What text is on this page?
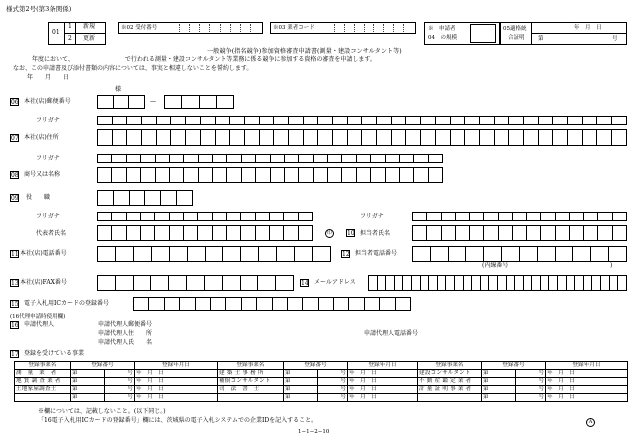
様式第2号(第3条関係)
01
1 新規
2 更新
※02 受付番号	※03 業者コード	※　申請者
04　の規模
05適格統
合証明
年　月　日
第	号
一般競争(指名競争)参加資格審査申請書(測量・建設コンサルタント等)
年度において、　　　　　　　　　で行われる測量・建設コンサルタント等業務に係る競争に参加する資格の審査を申請します。
なお、この申請書及び添付書類の内容については、事実と相違しないことを誓約します。
年　　月　　日
様
06 本社(店)郵便番号	—
フリガナ
07 本社(店)住所
フリガナ
08 商号又は名称
09 役　　職
フリガナ	フリガナ
代表者氏名	印	10 担当者氏名
11 本社(店)電話番号	12 担当者電話番号
(内線番号	)
13 本社(店)FAX番号	14 メールアドレス
15 電子入札用ICカードの登録番号
(16代理申請時使用欄)
16 申請代理人	申請代理人郵便番号
申請代理人住　　所
申請代理人氏　　名
申請代理人電話番号
17 登録を受けている事業
登録事業名	登録番号		登録年月日	登録事業名	登録番号		登録年月日	登録事業名	登録番号		登録年月日
測　量　業　者	第	号	年　月　日	建 築 士 事 務 所	第	号	年　月　日	建設コンサルタント	第	号	年　月　日
地 質 調 査 業 者	第	号	年　月　日	補償コンサルタント	第	号	年　月　日	不 動 産 鑑 定 業 者	第	号	年　月　日
土地家屋調査士	第	号	年　月　日	司　法　書　士	第	号	年　月　日	計 量 証 明 事 業 者	第	号	年　月　日
	第	号	年　月　日		第	号	年　月　日		第	号	年　月　日
※欄については、記載しないこと。(以下同じ。)
「16電子入札用ICカードの登録番号」欄には、茨城県の電子入札システムでの企業IDを記入すること。
1−1−2−10
A
